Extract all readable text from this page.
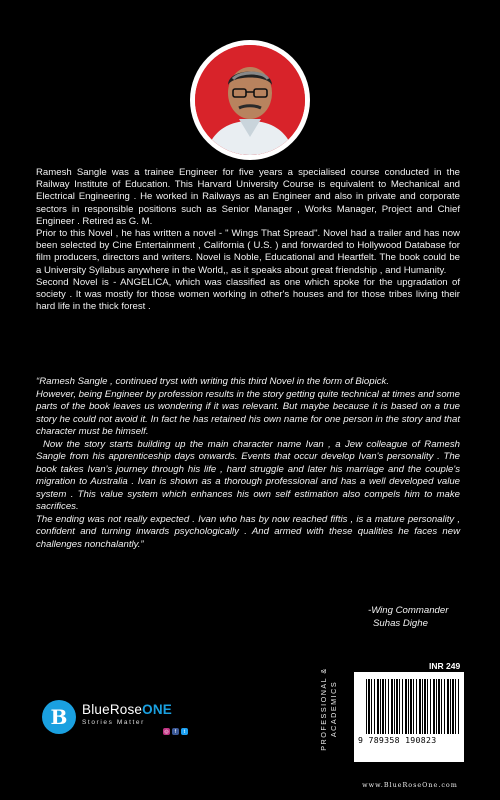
Ramesh Sangle was a trainee Engineer for five years a specialised course conducted in the Railway Institute of Education. This Harvard University Course is equivalent to Mechanical and Electrical Engineering . He worked in Railways as an Engineer and also in private and corporate sectors in responsible positions such as Senior Manager , Works Manager, Project and Chief Engineer . Retired as G. M.

Prior to this Novel , he has written a novel - " Wings That Spread". Novel had a trailer and has now been selected by Cine Entertainment , California ( U.S. ) and forwarded to Hollywood Database for film producers, directors and writers. Novel is Noble, Educational and Heartfelt. The book could be a University Syllabus anywhere in the World,, as it speaks about great friendship , and Humanity.

Second Novel is - ANGELICA, which was classified as one which spoke for the upgradation of society . It was mostly for those women working in other's houses and for those tribes living their hard life in the thick forest .

“Ramesh Sangle , continued tryst with writing this third Novel in the form of Biopick.

However, being Engineer by profession results in the story getting quite technical at times and some parts of the book leaves us wondering if it was relevant. But maybe because it is based on a true story he could not avoid it. In fact he has retained his own name for one person in the story and that character must be himself.

Now the story starts building up the main character name Ivan , a Jew colleague of Ramesh Sangle from his apprenticeship days onwards. Events that occur develop Ivan's personality . The book takes Ivan's journey through his life , hard struggle and later his marriage and the couple's migration to Australia . Ivan is shown as a thorough professional and has a well developed value system . This value system which enhances his own self estimation also compels him to make sacrifices.

The ending was not really expected . Ivan who has by now reached fiftis , is a mature personality , confident and turning inwards psychologically . And armed with these qualities he faces new challenges nonchalantly.”

-Wing Commander
Suhas Dighe
B	BlueRoseONE
Stories Matter
◎	f	t	PROFESSIONAL & ACADEMICS
INR 249
9 789358 190823
www.BlueRoseOne.com
